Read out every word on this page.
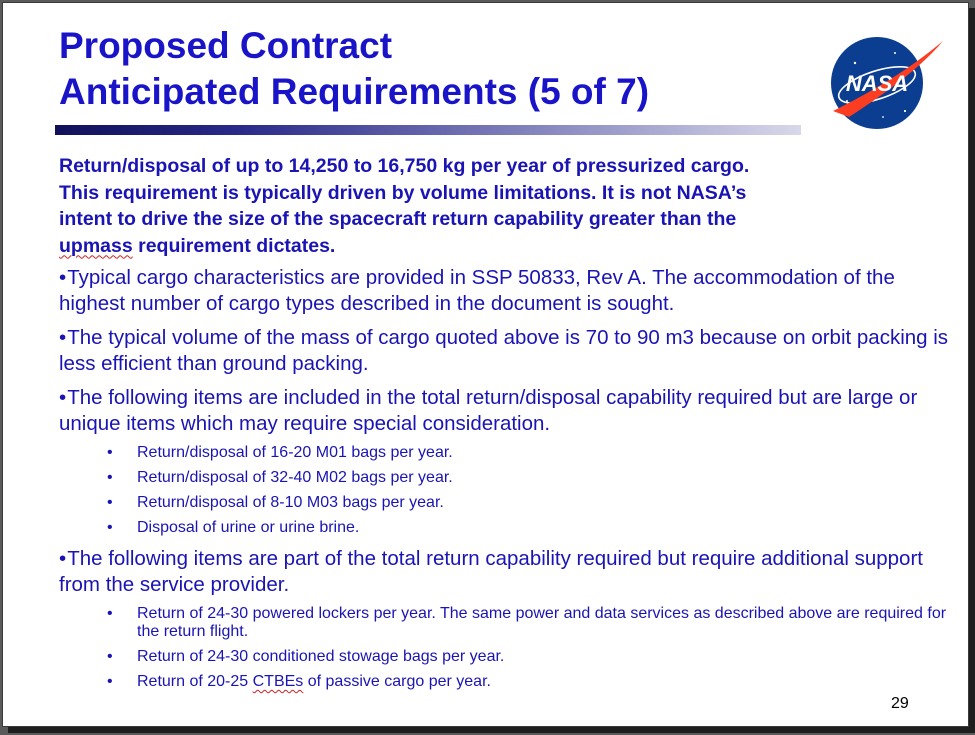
Proposed Contract
Anticipated Requirements (5 of 7)	NASA
Return/disposal of up to 14,250 to 16,750 kg per year of pressurized cargo.
This requirement is typically driven by volume limitations. It is not NASA’s
intent to drive the size of the spacecraft return capability greater than the
upmass requirement dictates.
•Typical cargo characteristics are provided in SSP 50833, Rev A. The accommodation of the highest number of cargo types described in the document is sought.
•The typical volume of the mass of cargo quoted above is 70 to 90 m3 because on orbit packing is less efficient than ground packing.
•The following items are included in the total return/disposal capability required but are large or unique items which may require special consideration.
• Return/disposal of 16-20 M01 bags per year.
• Return/disposal of 32-40 M02 bags per year.
• Return/disposal of 8-10 M03 bags per year.
• Disposal of urine or urine brine.
•The following items are part of the total return capability required but require additional support from the service provider.
• Return of 24-30 powered lockers per year. The same power and data services as described above are required for the return flight.
• Return of 24-30 conditioned stowage bags per year.
• Return of 20-25 CTBEs of passive cargo per year.
29
